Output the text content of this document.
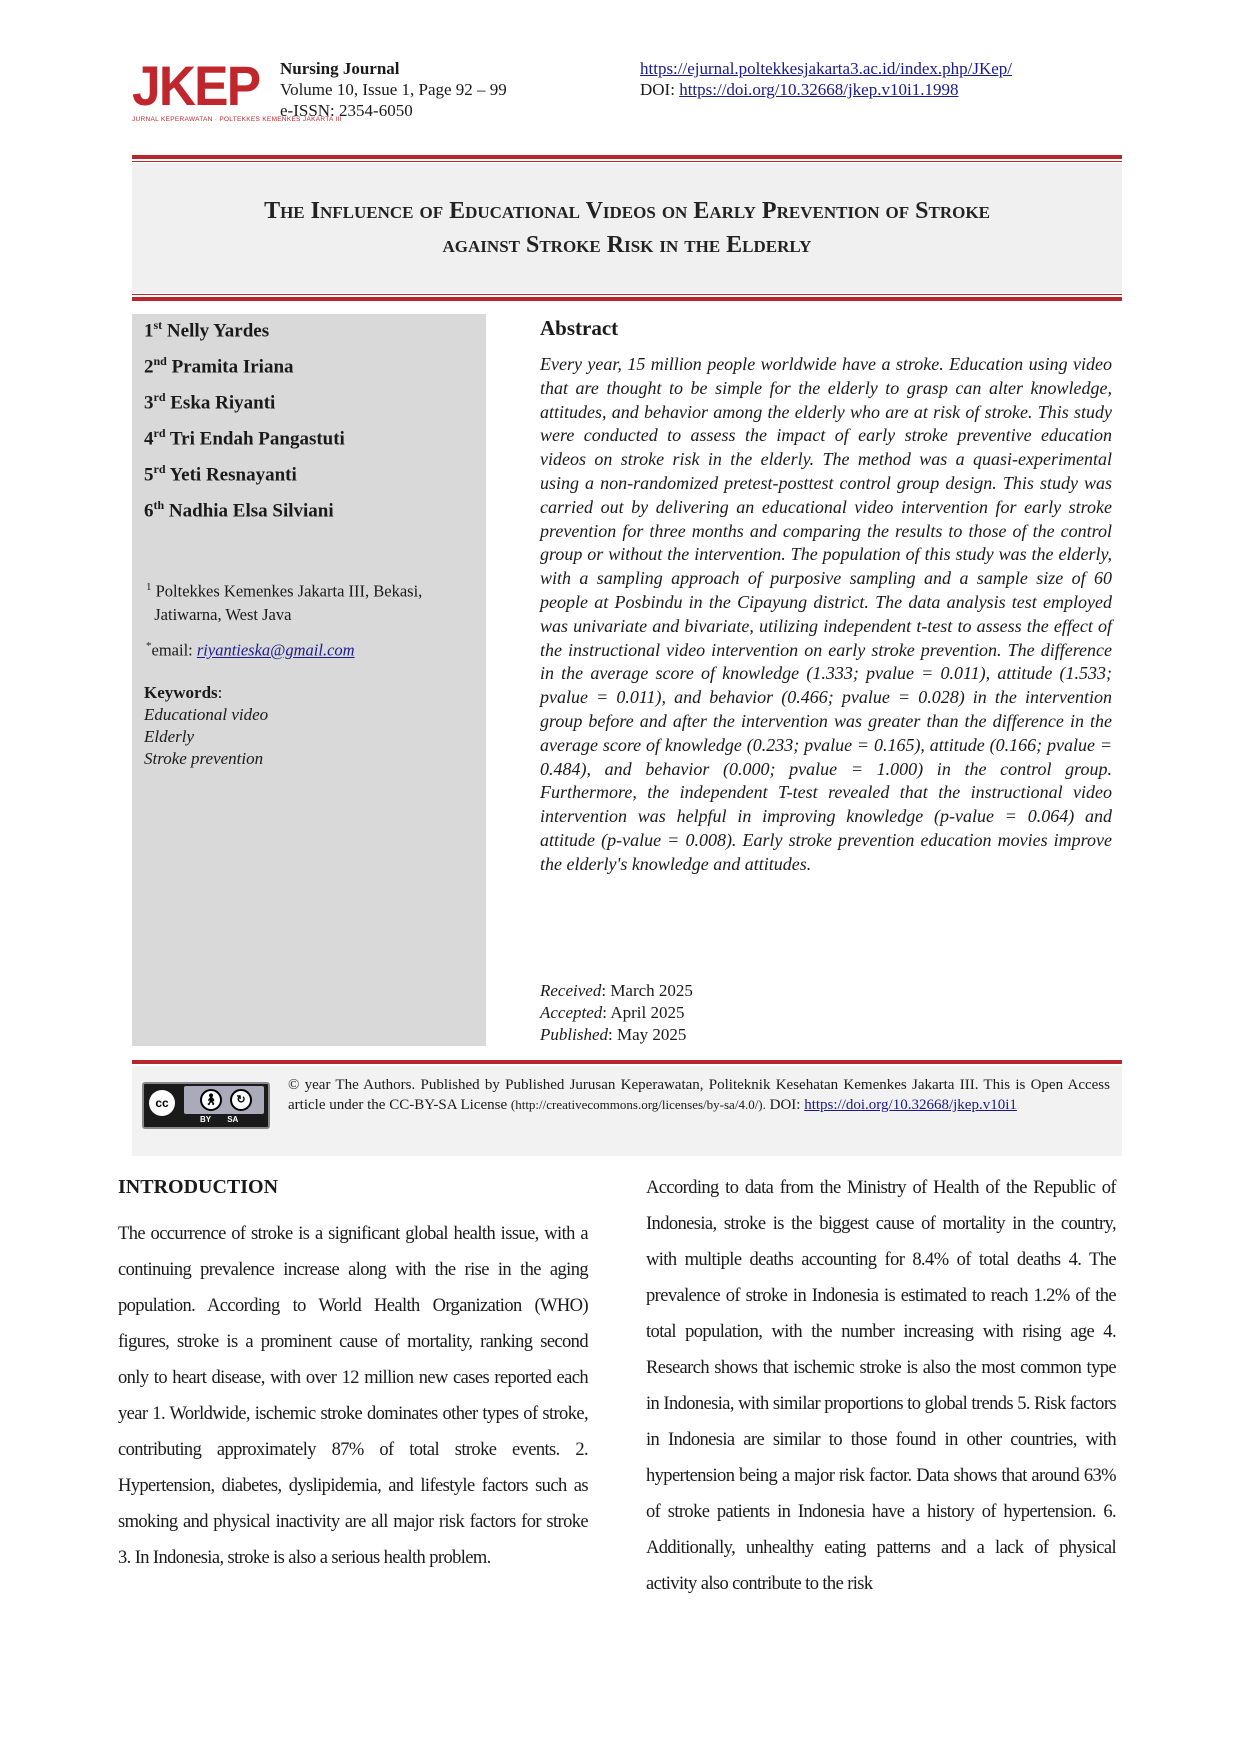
JKEP
JURNAL KEPERAWATAN · POLTEKKES KEMENKES JAKARTA III
Nursing Journal
Volume 10, Issue 1, Page 92 – 99
e-ISSN: 2354-6050
https://ejurnal.poltekkesjakarta3.ac.id/index.php/JKep/
DOI: https://doi.org/10.32668/jkep.v10i1.1998
The Influence of Educational Videos on Early Prevention of Stroke
against Stroke Risk in the Elderly
1st Nelly Yardes
2nd Pramita Iriana
3rd Eska Riyanti
4rd Tri Endah Pangastuti
5rd Yeti Resnayanti
6th Nadhia Elsa Silviani
$^1$ Poltekkes Kemenkes Jakarta III, Bekasi,
Jatiwarna, West Java
*email: riyantieska@gmail.com
Keywords:
Educational video
Elderly
Stroke prevention
Abstract
Every year, 15 million people worldwide have a stroke. Education using video that are thought to be simple for the elderly to grasp can alter knowledge, attitudes, and behavior among the elderly who are at risk of stroke. This study were conducted to assess the impact of early stroke preventive education videos on stroke risk in the elderly. The method was a quasi-experimental using a non-randomized pretest-posttest control group design. This study was carried out by delivering an educational video intervention for early stroke prevention for three months and comparing the results to those of the control group or without the intervention. The population of this study was the elderly, with a sampling approach of purposive sampling and a sample size of 60 people at Posbindu in the Cipayung district. The data analysis test employed was univariate and bivariate, utilizing independent t-test to assess the effect of the instructional video intervention on early stroke prevention. The difference in the average score of knowledge (1.333; pvalue = 0.011), attitude (1.533; pvalue = 0.011), and behavior (0.466; pvalue = 0.028) in the intervention group before and after the intervention was greater than the difference in the average score of knowledge (0.233; pvalue = 0.165), attitude (0.166; pvalue = 0.484), and behavior (0.000; pvalue = 1.000) in the control group. Furthermore, the independent T-test revealed that the instructional video intervention was helpful in improving knowledge (p-value = 0.064) and attitude (p-value = 0.008). Early stroke prevention education movies improve the elderly's knowledge and attitudes.
Received: March 2025
Accepted: April 2025
Published: May 2025
cc	🚶︎	↻
BY SA
© year The Authors. Published by Published Jurusan Keperawatan, Politeknik Kesehatan Kemenkes Jakarta III. This is Open Access article under the CC-BY-SA License (http://creativecommons.org/licenses/by-sa/4.0/). DOI: https://doi.org/10.32668/jkep.v10i1
INTRODUCTION
The occurrence of stroke is a significant global health issue, with a continuing prevalence increase along with the rise in the aging population. According to World Health Organization (WHO) figures, stroke is a prominent cause of mortality, ranking second only to heart disease, with over 12 million new cases reported each year 1. Worldwide, ischemic stroke dominates other types of stroke, contributing approximately 87% of total stroke events. 2. Hypertension, diabetes, dyslipidemia, and lifestyle factors such as smoking and physical inactivity are all major risk factors for stroke 3. In Indonesia, stroke is also a serious health problem.
According to data from the Ministry of Health of the Republic of Indonesia, stroke is the biggest cause of mortality in the country, with multiple deaths accounting for 8.4% of total deaths 4. The prevalence of stroke in Indonesia is estimated to reach 1.2% of the total population, with the number increasing with rising age 4. Research shows that ischemic stroke is also the most common type in Indonesia, with similar proportions to global trends 5. Risk factors in Indonesia are similar to those found in other countries, with hypertension being a major risk factor. Data shows that around 63% of stroke patients in Indonesia have a history of hypertension. 6. Additionally, unhealthy eating patterns and a lack of physical activity also contribute to the risk
